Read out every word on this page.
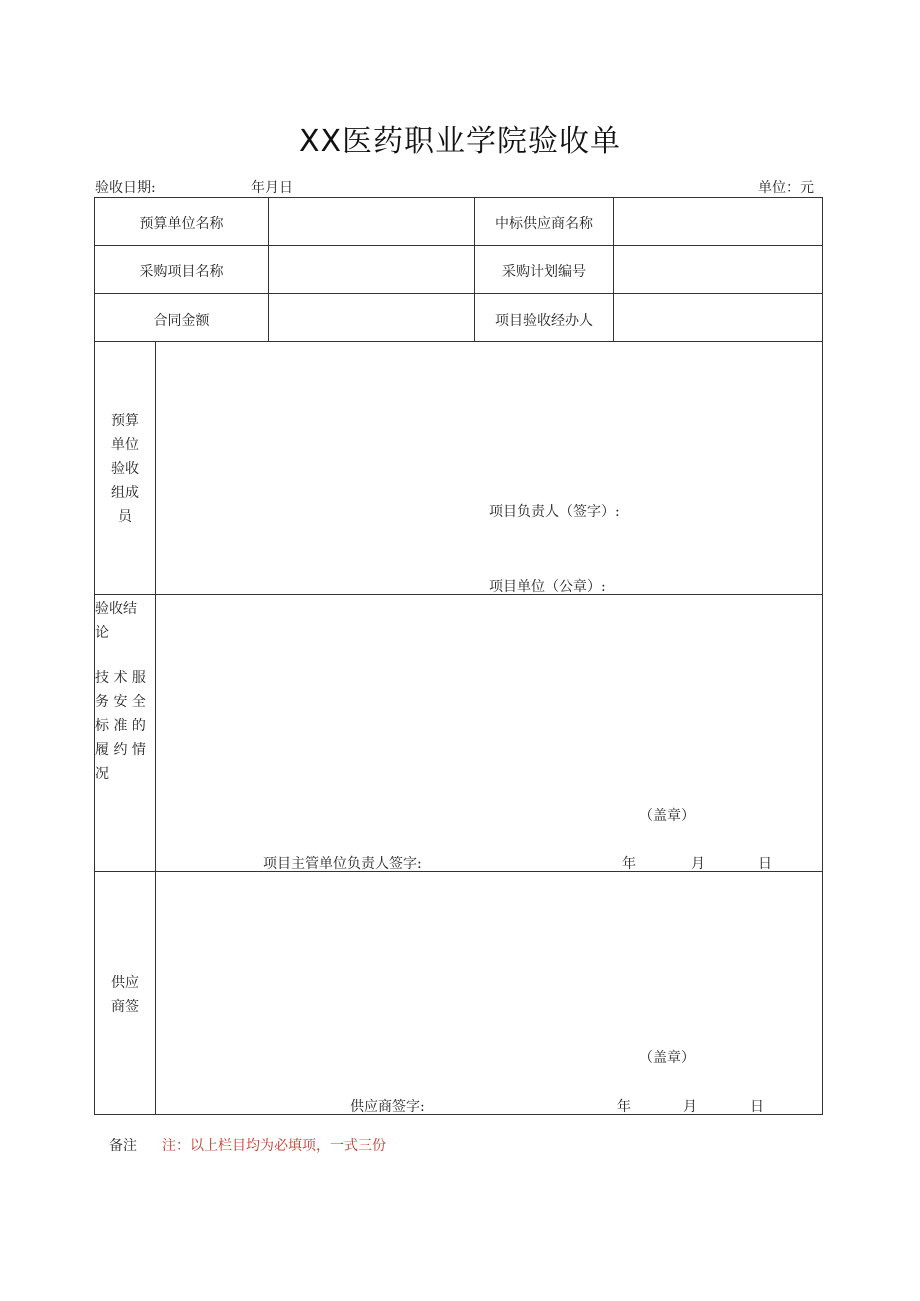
XX医药职业学院验收单
验收日期:	年月日	单位：元
预算单位名称	中标供应商名称
采购项目名称	采购计划编号
合同金额	项目验收经办人
预算
单位
验收
组成
员	项目负责人（签字）:
项目单位（公章）:
验收结
论
技 术 服
务 安 全
标 准 的
履 约 情
况
（盖章）
项目主管单位负责人签字:	年	月	日
供应
商签
（盖章）
供应商签字:	年	月	日
备注 注：以上栏目均为必填项，一式三份
